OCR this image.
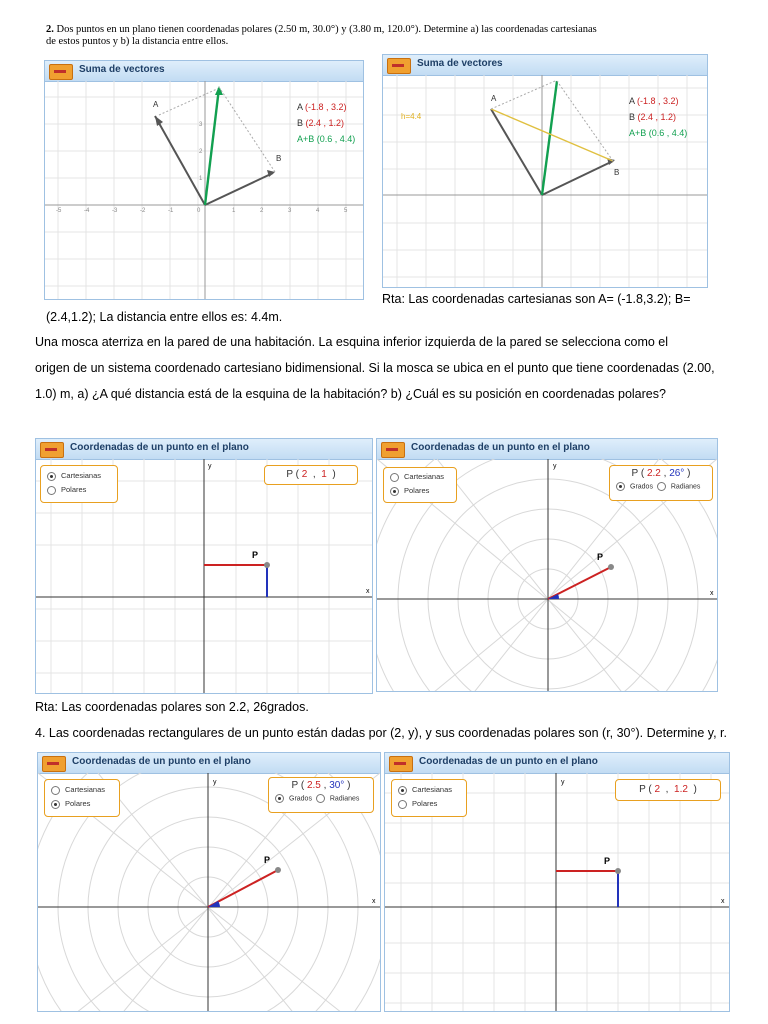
2. Dos puntos en un plano tienen coordenadas polares (2.50 m, 30.0°) y (3.80 m, 120.0°). Determine a) las coordenadas cartesianas
de estos puntos y b) la distancia entre ellos.
Suma de vectores
-5	-4	-3	-2	-1	0	1	2	3	4	5
1
2
3
A
B
A (-1.8 , 3.2)
B (2.4 , 1.2)
A+B (0.6 , 4.4)
Suma de vectores
h=4.4
A
B
A (-1.8 , 3.2)
B (2.4 , 1.2)
A+B (0.6 , 4.4)
Rta: Las coordenadas cartesianas son A= (-1.8,3.2); B=
(2.4,1.2); La distancia entre ellos es: 4.4m.
Una mosca aterriza en la pared de una habitación. La esquina inferior izquierda de la pared se selecciona como el
origen de un sistema coordenado cartesiano bidimensional. Si la mosca se ubica en el punto que tiene coordenadas (2.00,
1.0) m, a) ¿A qué distancia está de la esquina de la habitación? b) ¿Cuál es su posición en coordenadas polares?
Coordenadas de un punto en el plano
P
x
y
Cartesianas
Polares
P ( 2 , 1 )
Coordenadas de un punto en el plano
P
x
y
Cartesianas
Polares
P ( 2.2 , 26° )
Grados	Radianes
Rta: Las coordenadas polares son 2.2, 26grados.
4. Las coordenadas rectangulares de un punto están dadas por (2, y), y sus coordenadas polares son (r, 30°). Determine y, r.
Coordenadas de un punto en el plano
P
x
y
Cartesianas
Polares
P ( 2.5 , 30° )
Grados	Radianes
Coordenadas de un punto en el plano
P
x
y
Cartesianas
Polares
P ( 2 , 1.2 )
